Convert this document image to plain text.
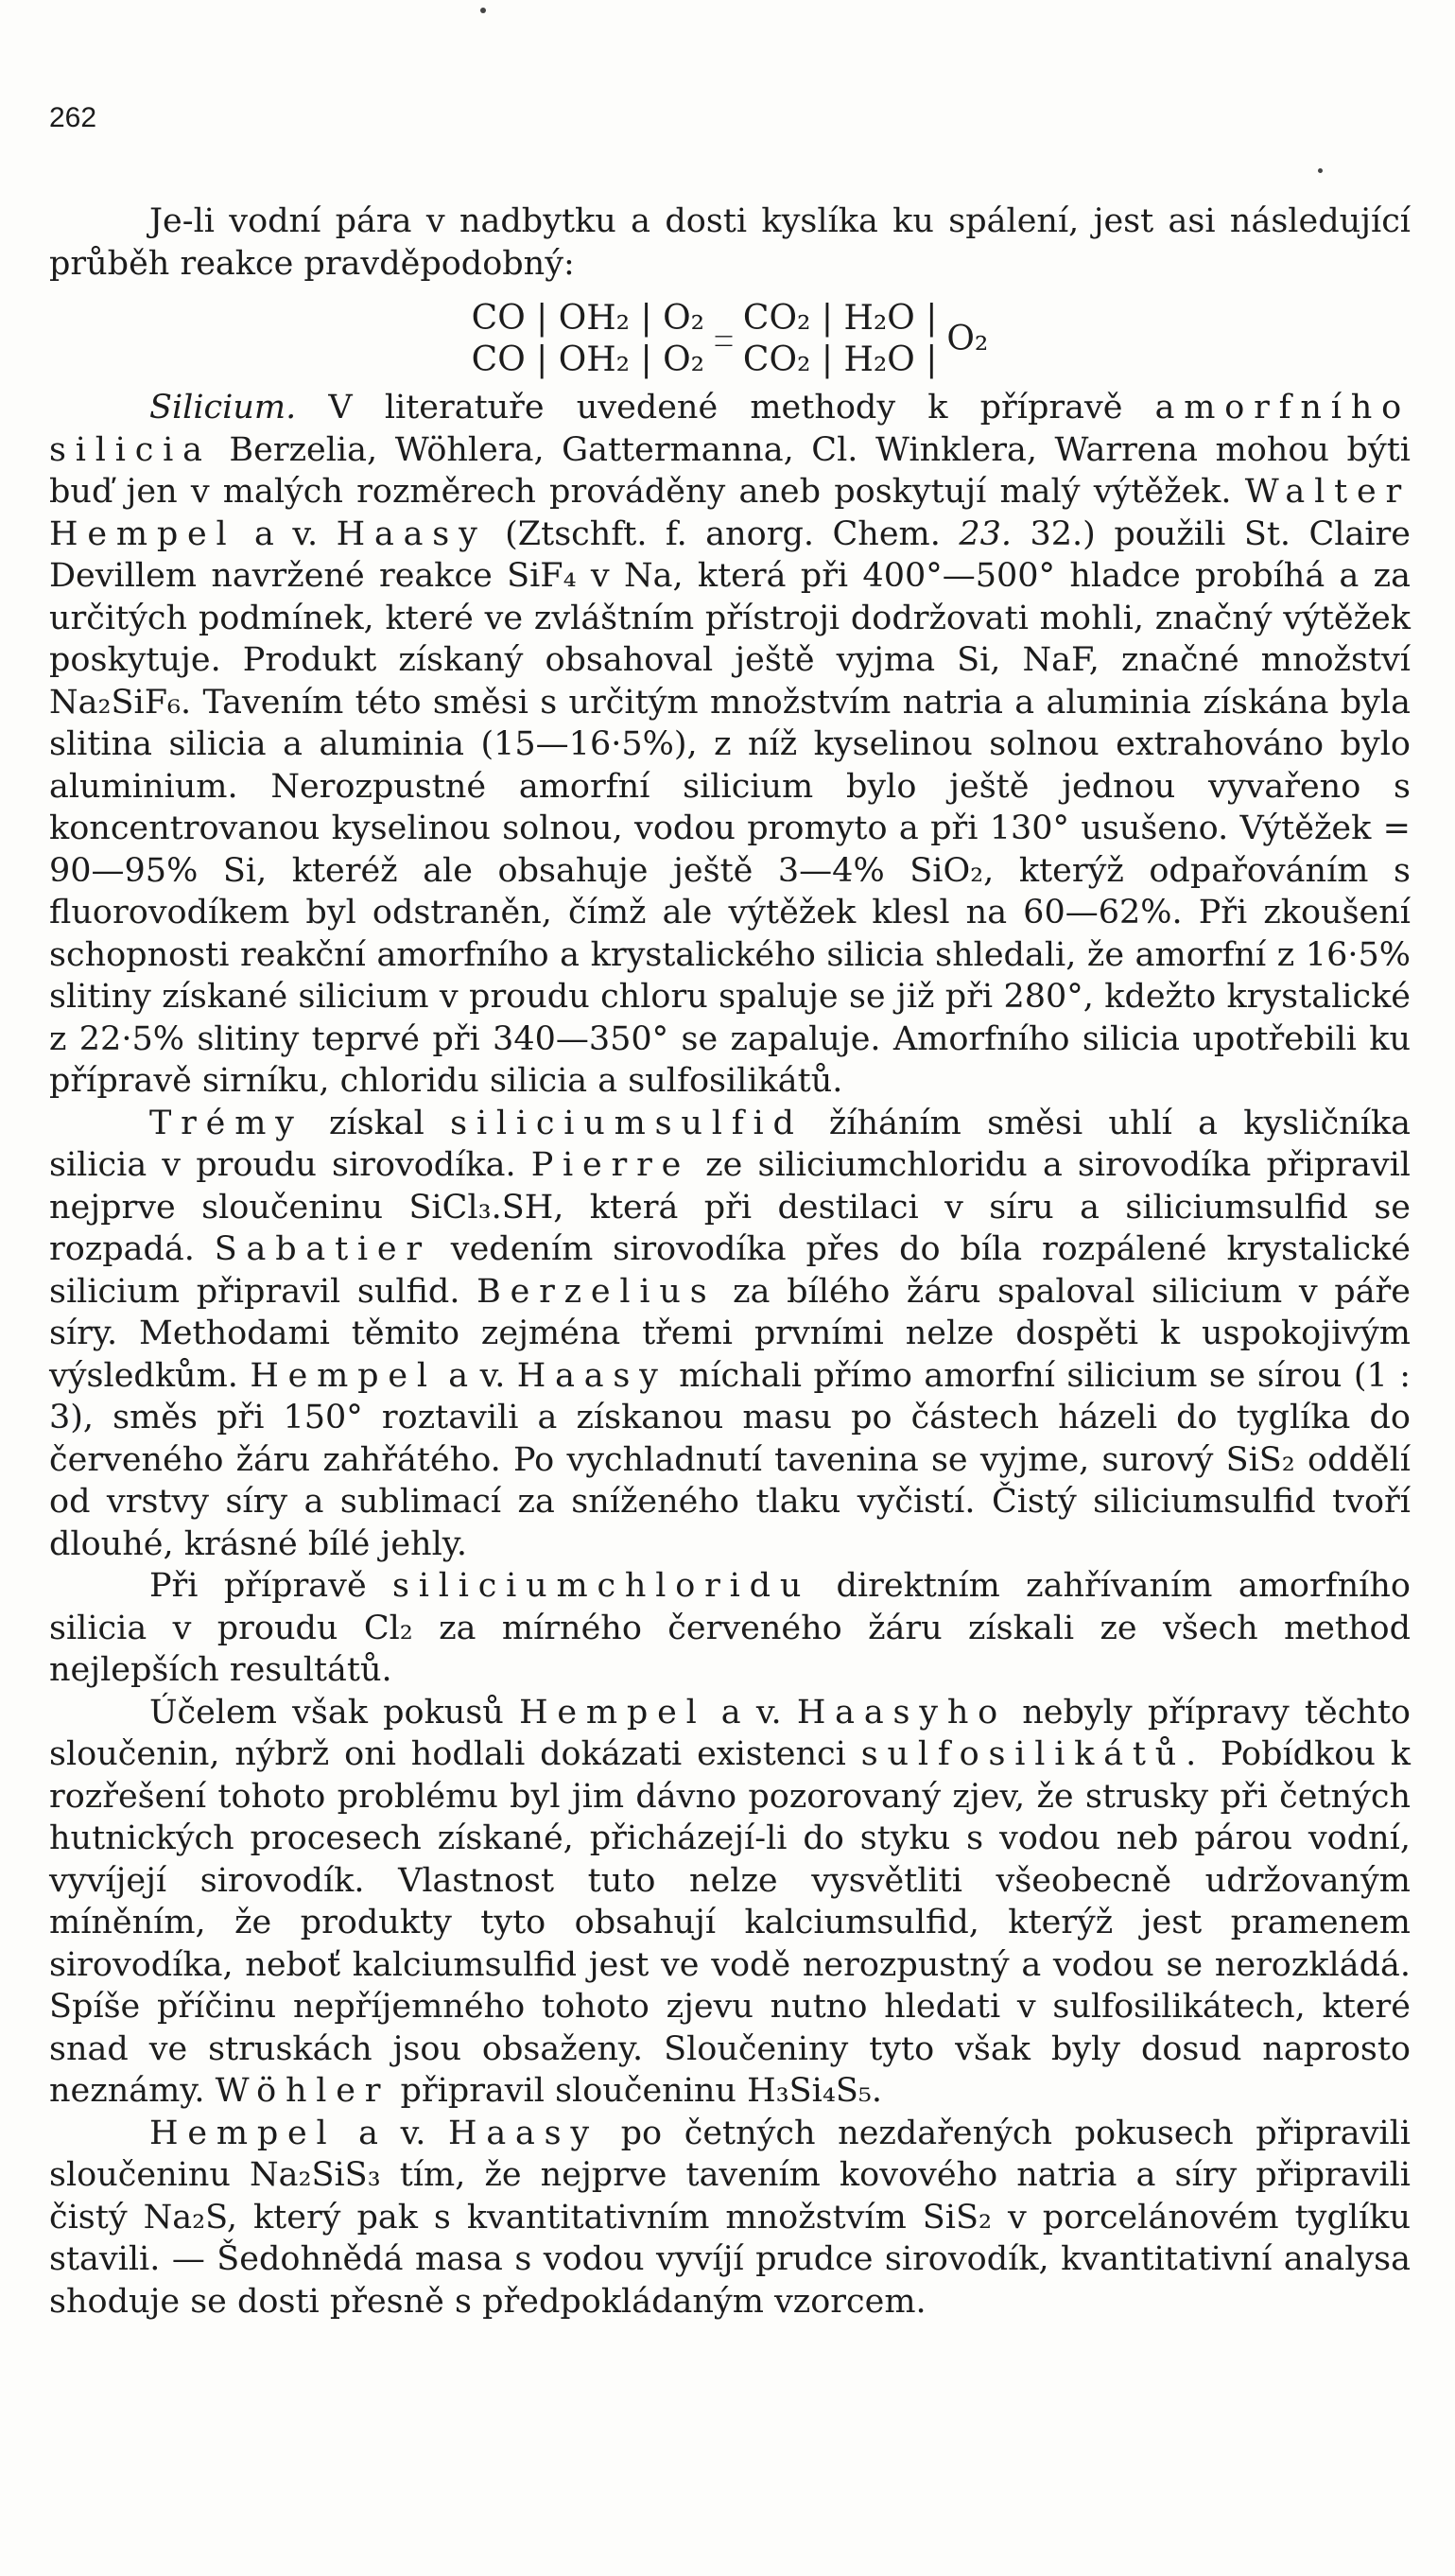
262

Je-li vodní pára v nadbytku a dosti kyslíka ku spálení, jest asi následující průběh reakce pravděpodobný:

CO | OH₂ | O₂ _ CO₂ | H₂O |
CO | OH₂ | O₂ ‾ CO₂ | H₂O |
O₂

Silicium. V literatuře uvedené methody k přípravě amorfního silicia Berzelia, Wöhlera, Gattermanna, Cl. Winklera, Warrena mohou býti buď jen v malých rozměrech prováděny aneb poskytují malý výtěžek. Walter Hempel a v. Haasy (Ztschft. f. anorg. Chem. 23. 32.) použili St. Claire Devillem navržené reakce SiF₄ v Na, která při 400°—500° hladce probíhá a za určitých podmínek, které ve zvláštním přístroji dodržovati mohli, značný výtěžek poskytuje. Produkt získaný obsahoval ještě vyjma Si, NaF, značné množství Na₂SiF₆. Tavením této směsi s určitým množstvím natria a aluminia získána byla slitina silicia a aluminia (15—16·5%), z níž kyselinou solnou extrahováno bylo aluminium. Nerozpustné amorfní silicium bylo ještě jednou vyvařeno s koncentrovanou kyselinou solnou, vodou promyto a při 130° usušeno. Výtěžek = 90—95% Si, kteréž ale obsahuje ještě 3—4% SiO₂, kterýž odpařováním s fluorovodíkem byl odstraněn, čímž ale výtěžek klesl na 60—62%. Při zkoušení schopnosti reakční amorfního a krystalického silicia shledali, že amorfní z 16·5% slitiny získané silicium v proudu chloru spaluje se již při 280°, kdežto krystalické z 22·5% slitiny teprvé při 340—350° se zapaluje. Amorfního silicia upotřebili ku přípravě sirníku, chloridu silicia a sulfosilikátů.

Trémy získal siliciumsulfid žíháním směsi uhlí a kysličníka silicia v proudu sirovodíka. Pierre ze siliciumchloridu a sirovodíka připravil nejprve sloučeninu SiCl₃.SH, která při destilaci v síru a siliciumsulfid se rozpadá. Sabatier vedením sirovodíka přes do bíla rozpálené krystalické silicium připravil sulfid. Berzelius za bílého žáru spaloval silicium v páře síry. Methodami těmito zejména třemi prvními nelze dospěti k uspokojivým výsledkům. Hempel a v. Haasy míchali přímo amorfní silicium se sírou (1 : 3), směs při 150° roztavili a získanou masu po částech házeli do tyglíka do červeného žáru zahřátého. Po vychladnutí tavenina se vyjme, surový SiS₂ oddělí od vrstvy síry a sublimací za sníženého tlaku vyčistí. Čistý siliciumsulfid tvoří dlouhé, krásné bílé jehly.

Při přípravě siliciumchloridu direktním zahřívaním amorfního silicia v proudu Cl₂ za mírného červeného žáru získali ze všech method nejlepších resultátů.

Účelem však pokusů Hempel a v. Haasyho nebyly přípravy těchto sloučenin, nýbrž oni hodlali dokázati existenci sulfosilikátů. Pobídkou k rozřešení tohoto problému byl jim dávno pozorovaný zjev, že strusky při četných hutnických procesech získané, přicházejí-li do styku s vodou neb párou vodní, vyvíjejí sirovodík. Vlastnost tuto nelze vysvětliti všeobecně udržovaným míněním, že produkty tyto obsahují kalciumsulfid, kterýž jest pramenem sirovodíka, neboť kalciumsulfid jest ve vodě nerozpustný a vodou se nerozkládá. Spíše příčinu nepříjemného tohoto zjevu nutno hledati v sulfosilikátech, které snad ve struskách jsou obsaženy. Sloučeniny tyto však byly dosud naprosto neznámy. Wöhler připravil sloučeninu H₃Si₄S₅.

Hempel a v. Haasy po četných nezdařených pokusech připravili sloučeninu Na₂SiS₃ tím, že nejprve tavením kovového natria a síry připravili čistý Na₂S, který pak s kvantitativním množstvím SiS₂ v porcelánovém tyglíku stavili. — Šedohnědá masa s vodou vyvíjí prudce sirovodík, kvantitativní analysa shoduje se dosti přesně s předpokládaným vzorcem.
